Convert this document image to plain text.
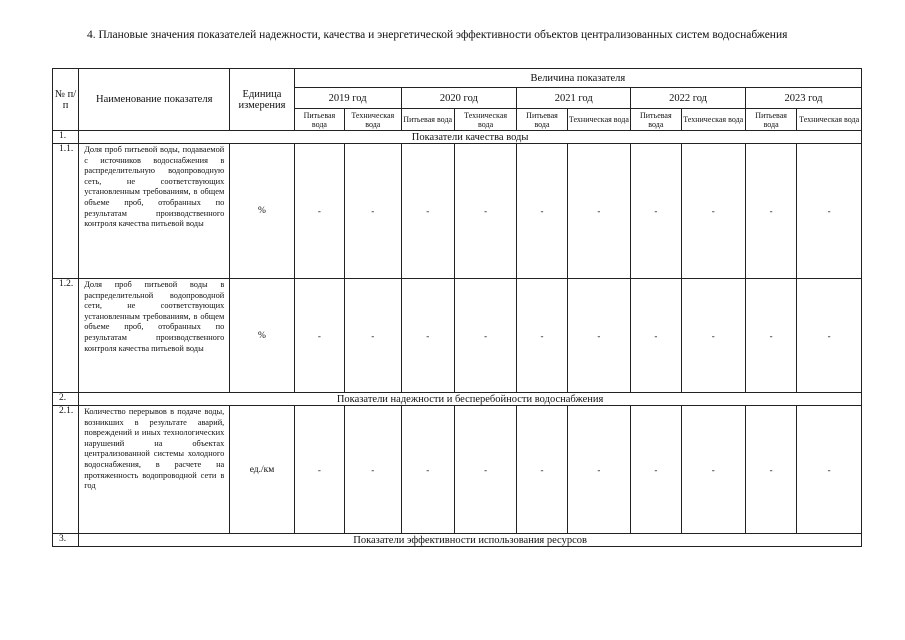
4. Плановые значения показателей надежности, качества и энергетической эффективности объектов централизованных систем водоснабжения
№ п/п	Наименование показателя	Единица измерения	Величина показателя									
			2019 год		2020 год		2021 год		2022 год		2023 год	
			Питьевая вода	Техническая вода	Питьевая вода	Техническая вода	Питьевая вода	Техническая вода	Питьевая вода	Техническая вода	Питьевая вода	Техническая вода
1.	Показатели качества воды											
1.1.	Доля проб питьевой воды, подаваемой с источников водоснабжения в распределительную водопроводную сеть, не соответствующих установленным требованиям, в общем объеме проб, отобранных по результатам производственного контроля качества питьевой воды	%	-	-	-	-	-	-	-	-	-	-
1.2.	Доля проб питьевой воды в распределительной водопроводной сети, не соответствующих установленным требованиям, в общем объеме проб, отобранных по результатам производственного контроля качества питьевой воды	%	-	-	-	-	-	-	-	-	-	-
2.	Показатели надежности и бесперебойности водоснабжения											
2.1.	Количество перерывов в подаче воды, возникших в результате аварий, повреждений и иных технологических нарушений на объектах централизованной системы холодного водоснабжения, в расчете на протяженность водопроводной сети в год	ед./км	-	-	-	-	-	-	-	-	-	-
3.	Показатели эффективности использования ресурсов											
